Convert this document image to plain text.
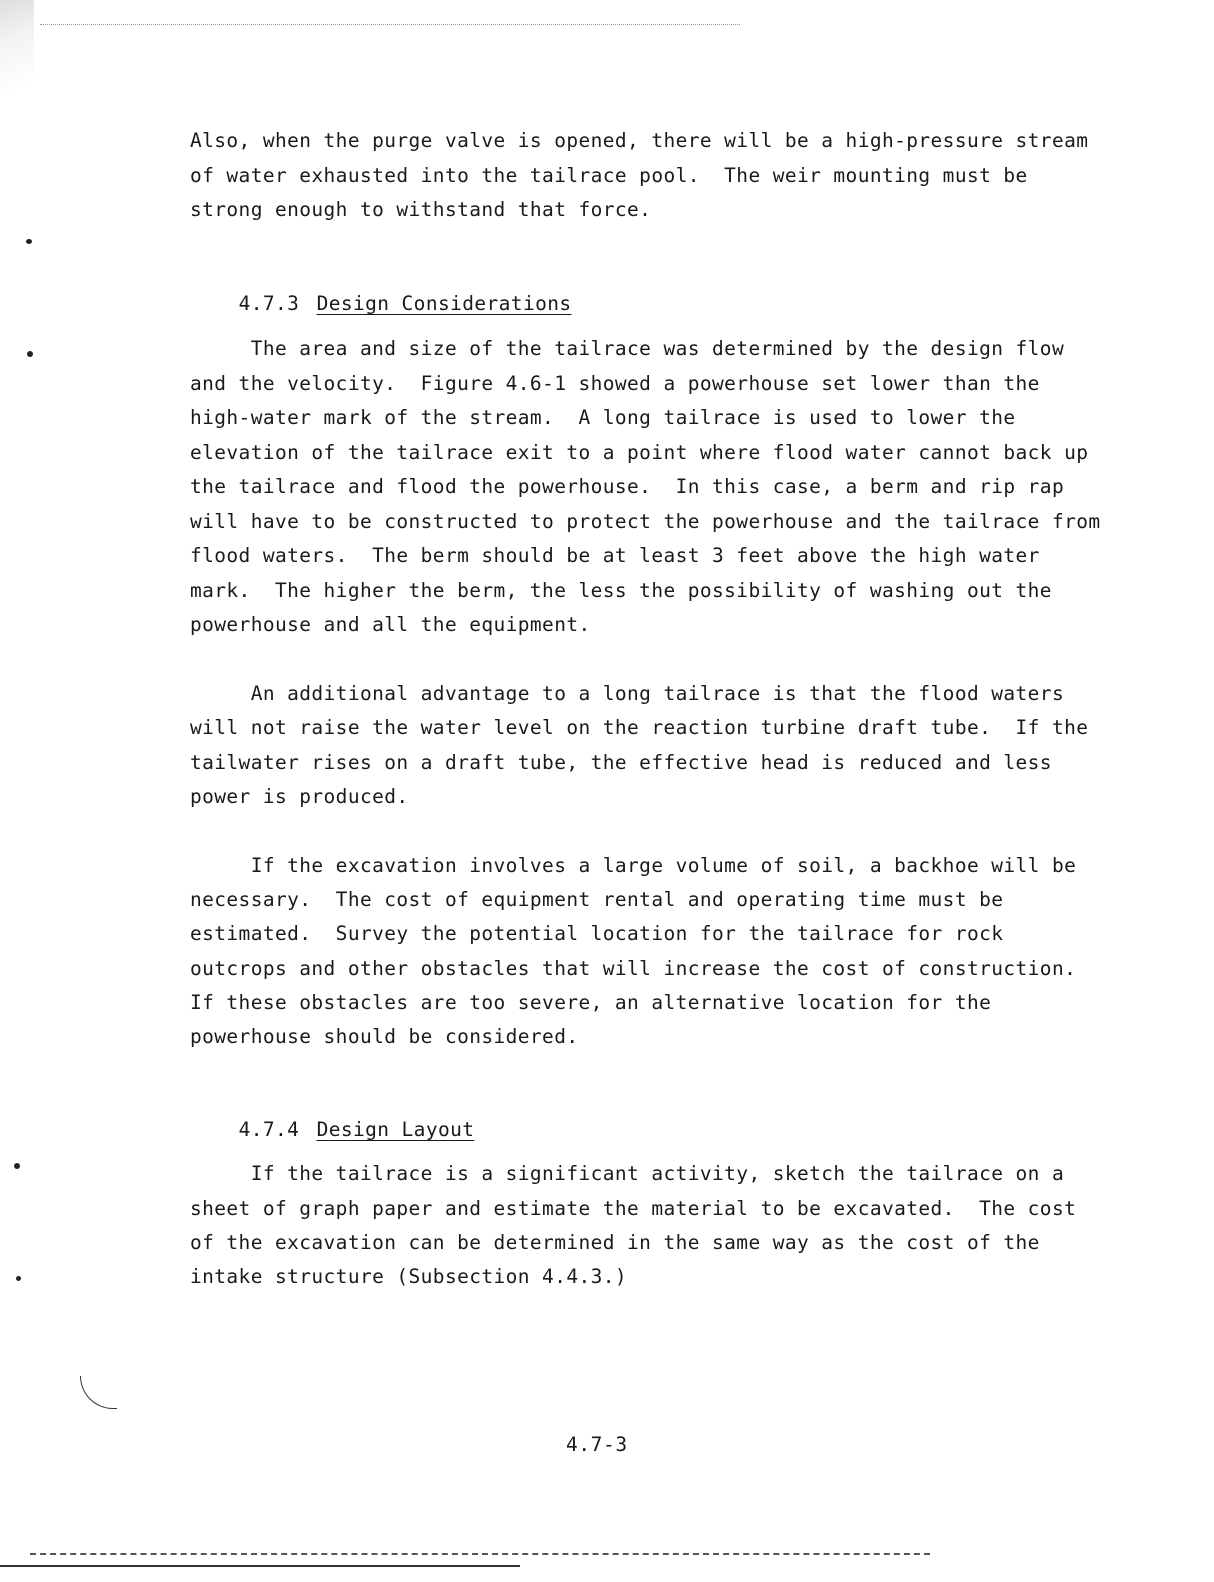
Also, when the purge valve is opened, there will be a high-pressure stream
of water exhausted into the tailrace pool.  The weir mounting must be
strong enough to withstand that force.

4.7.3 Design Considerations

The area and size of the tailrace was determined by the design flow
and the velocity.  Figure 4.6-1 showed a powerhouse set lower than the
high-water mark of the stream.  A long tailrace is used to lower the
elevation of the tailrace exit to a point where flood water cannot back up
the tailrace and flood the powerhouse.  In this case, a berm and rip rap
will have to be constructed to protect the powerhouse and the tailrace from
flood waters.  The berm should be at least 3 feet above the high water
mark.  The higher the berm, the less the possibility of washing out the
powerhouse and all the equipment.
An additional advantage to a long tailrace is that the flood waters
will not raise the water level on the reaction turbine draft tube.  If the
tailwater rises on a draft tube, the effective head is reduced and less
power is produced.
If the excavation involves a large volume of soil, a backhoe will be
necessary.  The cost of equipment rental and operating time must be
estimated.  Survey the potential location for the tailrace for rock
outcrops and other obstacles that will increase the cost of construction.
If these obstacles are too severe, an alternative location for the
powerhouse should be considered.

4.7.4 Design Layout

If the tailrace is a significant activity, sketch the tailrace on a
sheet of graph paper and estimate the material to be excavated.  The cost
of the excavation can be determined in the same way as the cost of the
intake structure (Subsection 4.4.3.)
4.7-3
